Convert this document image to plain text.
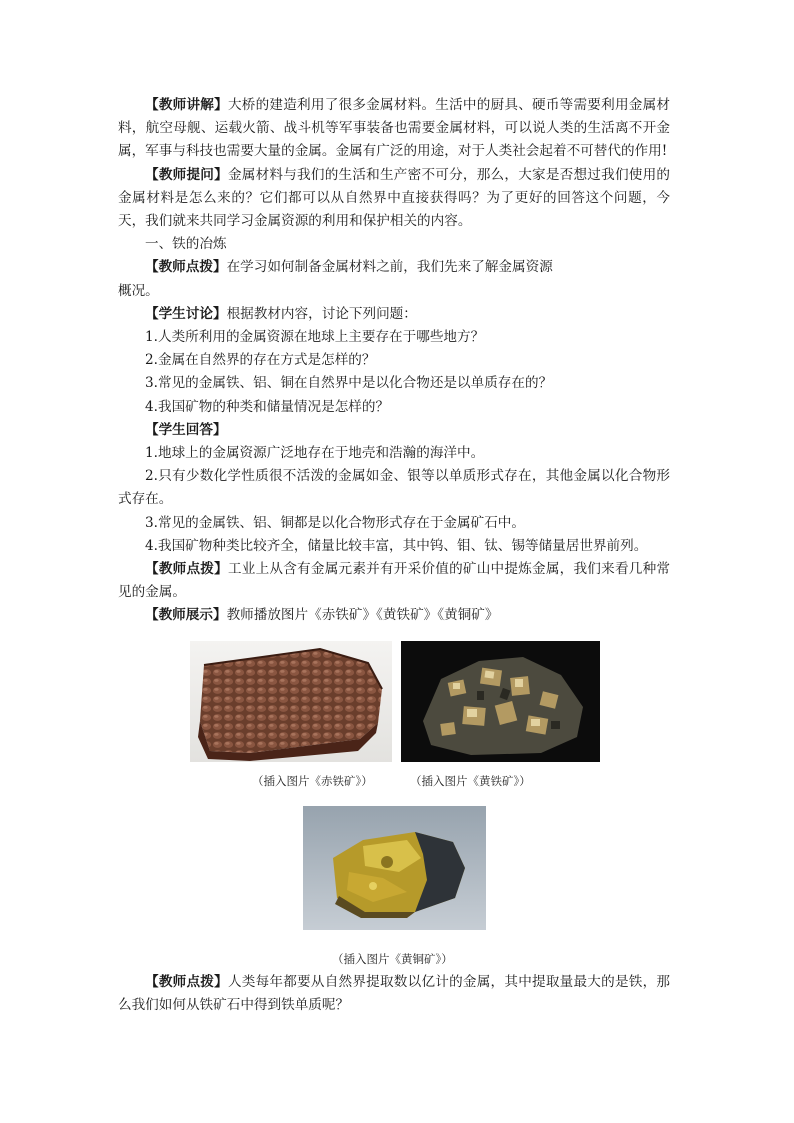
【教师讲解】大桥的建造利用了很多金属材料。生活中的厨具、硬币等需要利用金属材料，航空母舰、运载火箭、战斗机等军事装备也需要金属材料，可以说人类的生活离不开金属，军事与科技也需要大量的金属。金属有广泛的用途，对于人类社会起着不可替代的作用!

【教师提问】金属材料与我们的生活和生产密不可分，那么，大家是否想过我们使用的金属材料是怎么来的？它们都可以从自然界中直接获得吗？为了更好的回答这个问题，今天，我们就来共同学习金属资源的利用和保护相关的内容。

一、铁的冶炼

【教师点拨】在学习如何制备金属材料之前，我们先来了解金属资源

概况。

【学生讨论】根据教材内容，讨论下列问题：

1.人类所利用的金属资源在地球上主要存在于哪些地方？

2.金属在自然界的存在方式是怎样的？

3.常见的金属铁、铝、铜在自然界中是以化合物还是以单质存在的？

4.我国矿物的种类和储量情况是怎样的？

【学生回答】

1.地球上的金属资源广泛地存在于地壳和浩瀚的海洋中。

2.只有少数化学性质很不活泼的金属如金、银等以单质形式存在，其他金属以化合物形式存在。

3.常见的金属铁、铝、铜都是以化合物形式存在于金属矿石中。

4.我国矿物种类比较齐全，储量比较丰富，其中钨、钼、钛、锡等储量居世界前列。

【教师点拨】工业上从含有金属元素并有开采价值的矿山中提炼金属，我们来看几种常见的金属。

【教师展示】教师播放图片《赤铁矿》《黄铁矿》《黄铜矿》

（插入图片《赤铁矿》）	（插入图片《黄铁矿》）
（插入图片《黄铜矿》）

【教师点拨】人类每年都要从自然界提取数以亿计的金属，其中提取量最大的是铁，那么我们如何从铁矿石中得到铁单质呢？
